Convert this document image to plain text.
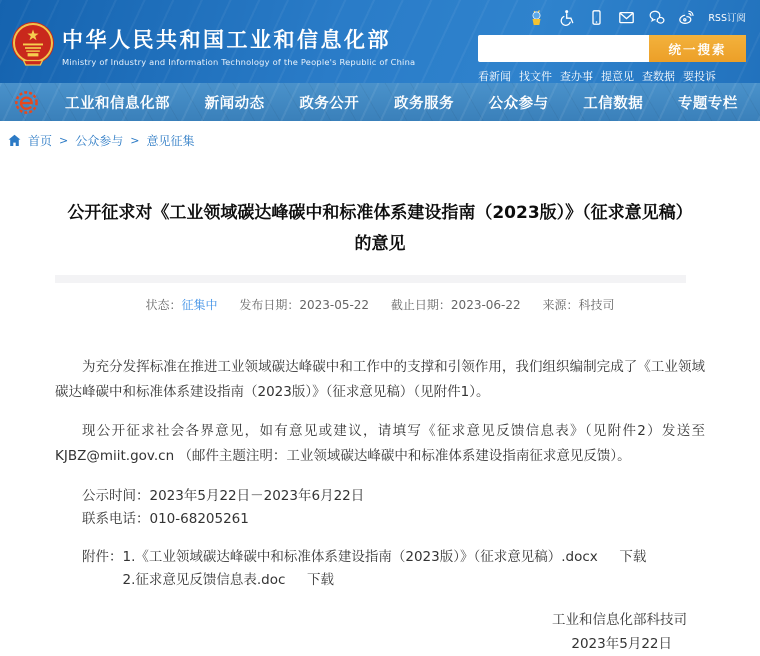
中华人民共和国工业和信息化部
Ministry of Industry and Information Technology of the People's Republic of China
RSS订阅
统一搜索
看新闻 找文件 查办事 提意见 查数据 要投诉
工业和信息化部 新闻动态 政务公开 政务服务 公众参与 工信数据 专题专栏
首页 > 公众参与 > 意见征集
公开征求对《工业领域碳达峰碳中和标准体系建设指南（2023版）》（征求意见稿）
的意见
状态：征集中 发布日期：2023-05-22 截止日期：2023-06-22 来源：科技司

为充分发挥标准在推进工业领域碳达峰碳中和工作中的支撑和引领作用，我们组织编制完成了《工业领域碳达峰碳中和标准体系建设指南（2023版）》（征求意见稿）（见附件1）。

现公开征求社会各界意见，如有意见或建议，请填写《征求意见反馈信息表》（见附件2）发送至 KJBZ@miit.gov.cn （邮件主题注明：工业领域碳达峰碳中和标准体系建设指南征求意见反馈）。

公示时间：2023年5月22日－2023年6月22日
联系电话：010-68205261
附件：1.《工业领域碳达峰碳中和标准体系建设指南（2023版）》（征求意见稿）.docx 下载
2.征求意见反馈信息表.doc 下载
工业和信息化部科技司
2023年5月22日
